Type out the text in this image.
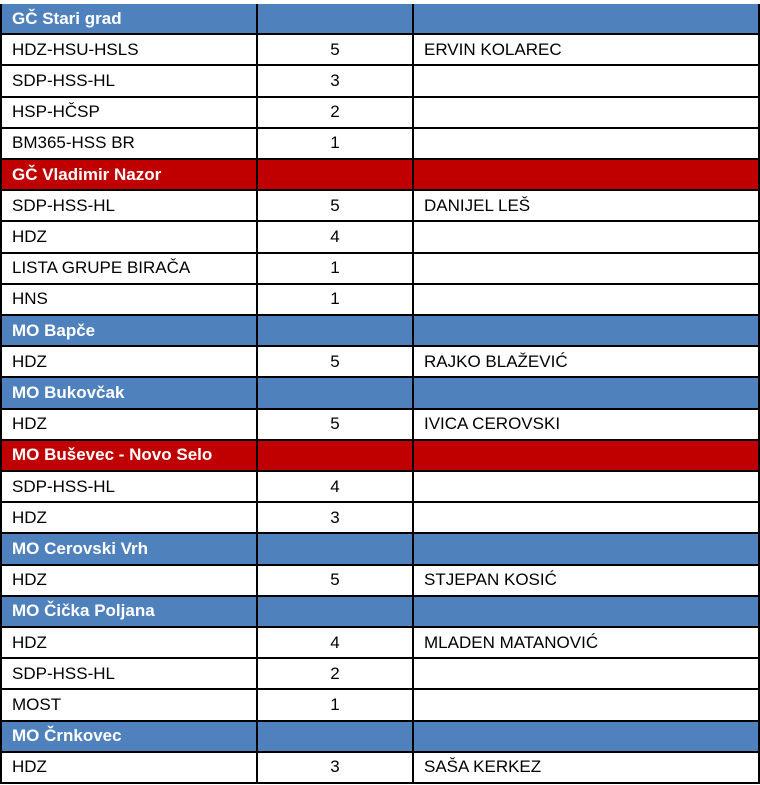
GČ Stari grad
HDZ-HSU-HSLS	5	ERVIN KOLAREC
SDP-HSS-HL	3
HSP-HČSP	2
BM365-HSS BR	1
GČ Vladimir Nazor
SDP-HSS-HL	5	DANIJEL LEŠ
HDZ	4
LISTA GRUPE BIRAČA	1
HNS	1
MO Bapče
HDZ	5	RAJKO BLAŽEVIĆ
MO Bukovčak
HDZ	5	IVICA CEROVSKI
MO Buševec - Novo Selo
SDP-HSS-HL	4
HDZ	3
MO Cerovski Vrh
HDZ	5	STJEPAN KOSIĆ
MO Čička Poljana
HDZ	4	MLADEN MATANOVIĆ
SDP-HSS-HL	2
MOST	1
MO Črnkovec
HDZ	3	SAŠA KERKEZ
